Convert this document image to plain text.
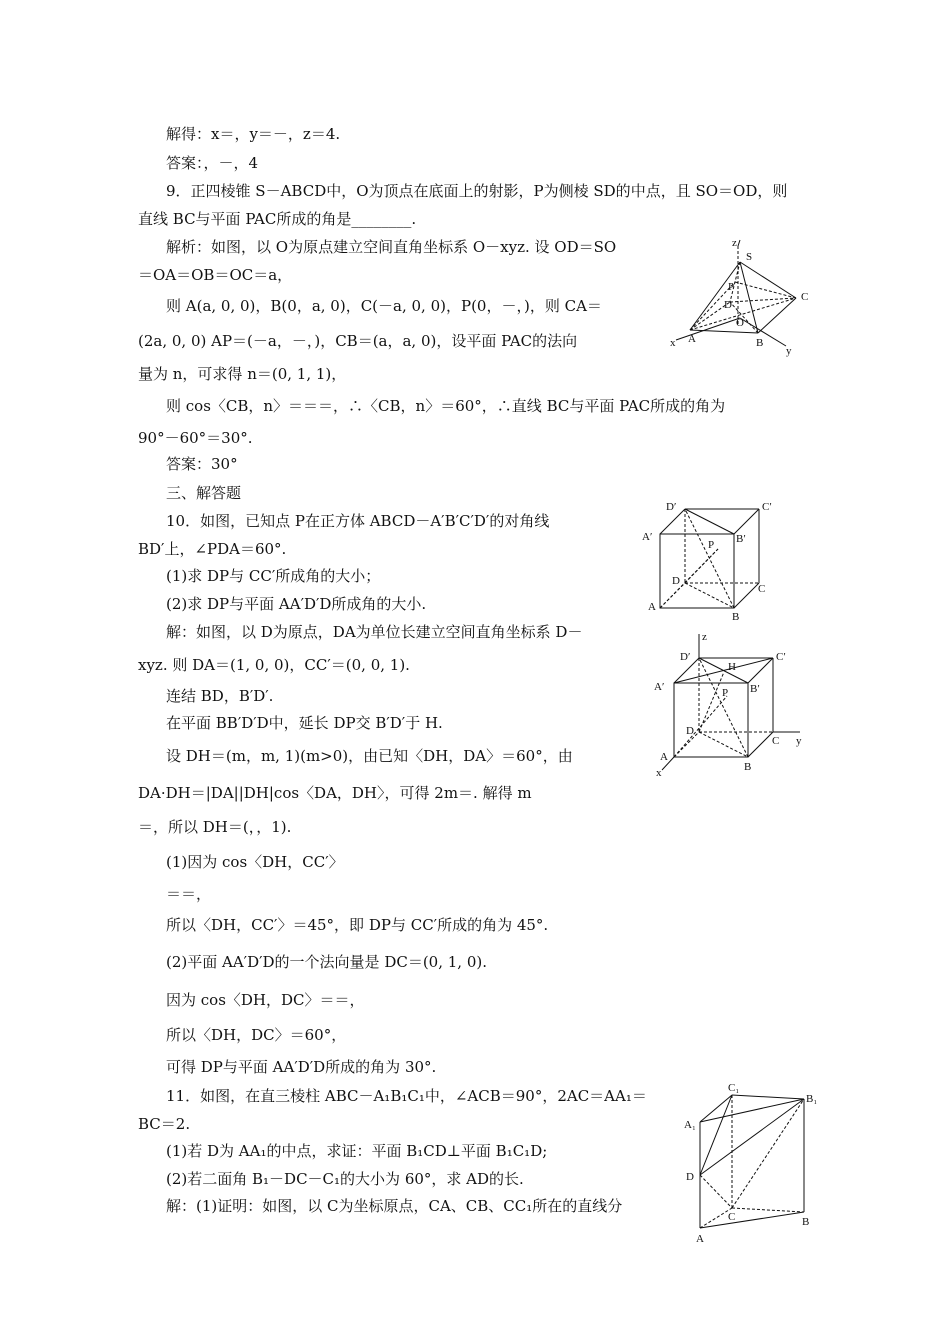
解得：x＝，y＝－，z＝4.
答案：，－，4
9．正四棱锥 S－ABCD中，O为顶点在底面上的射影，P为侧棱 SD的中点，且 SO＝OD，则
直线 BC与平面 PAC所成的角是________.
解析：如图，以 O为原点建立空间直角坐标系 O－xyz. 设 OD＝SO
＝OA＝OB＝OC＝a，
则 A(a, 0, 0)，B(0，a, 0)，C(－a, 0, 0)，P(0，－，)，则 CA＝
(2a, 0, 0) AP＝(－a，－，)，CB＝(a，a, 0)，设平面 PAC的法向
量为 n，可求得 n＝(0, 1, 1)，
则 cos〈CB，n〉＝＝＝，∴〈CB，n〉＝60°，∴直线 BC与平面 PAC所成的角为
90°－60°＝30°.
答案：30°
三、解答题
10．如图，已知点 P在正方体 ABCD－A′B′C′D′的对角线
BD′上，∠PDA＝60°.
(1)求 DP与 CC′所成角的大小；
(2)求 DP与平面 AA′D′D所成角的大小.
解：如图，以 D为原点，DA为单位长建立空间直角坐标系 D－
xyz. 则 DA＝(1, 0, 0)，CC′＝(0, 0, 1).
连结 BD，B′D′.
在平面 BB′D′D中，延长 DP交 B′D′于 H.
设 DH＝(m，m, 1)(m>0)，由已知〈DH，DA〉＝60°，由
DA·DH＝|DA||DH|cos〈DA，DH〉，可得 2m＝. 解得 m
＝，所以 DH＝(，，1).
(1)因为 cos〈DH，CC′〉
＝＝，
所以〈DH，CC′〉＝45°，即 DP与 CC′所成的角为 45°.
(2)平面 AA′D′D的一个法向量是 DC＝(0, 1, 0).
因为 cos〈DH，DC〉＝＝，
所以〈DH，DC〉＝60°，
可得 DP与平面 AA′D′D所成的角为 30°.
11．如图，在直三棱柱 ABC－A₁B₁C₁中，∠ACB＝90°，2AC＝AA₁＝
BC＝2.
(1)若 D为 AA₁的中点，求证：平面 B₁CD⊥平面 B₁C₁D;
(2)若二面角 B₁－DC－C₁的大小为 60°，求 AD的长.
解：(1)证明：如图，以 C为坐标原点，CA、CB、CC₁所在的直线分
z
S
P
D
C
O
A	B
x
y
D′	C′
A′
P B′
D
C
A
B
z
D′
H
C′
A′	P B′
D
C y
A
B
x
C₁
B₁
A₁
D
C	B
A
